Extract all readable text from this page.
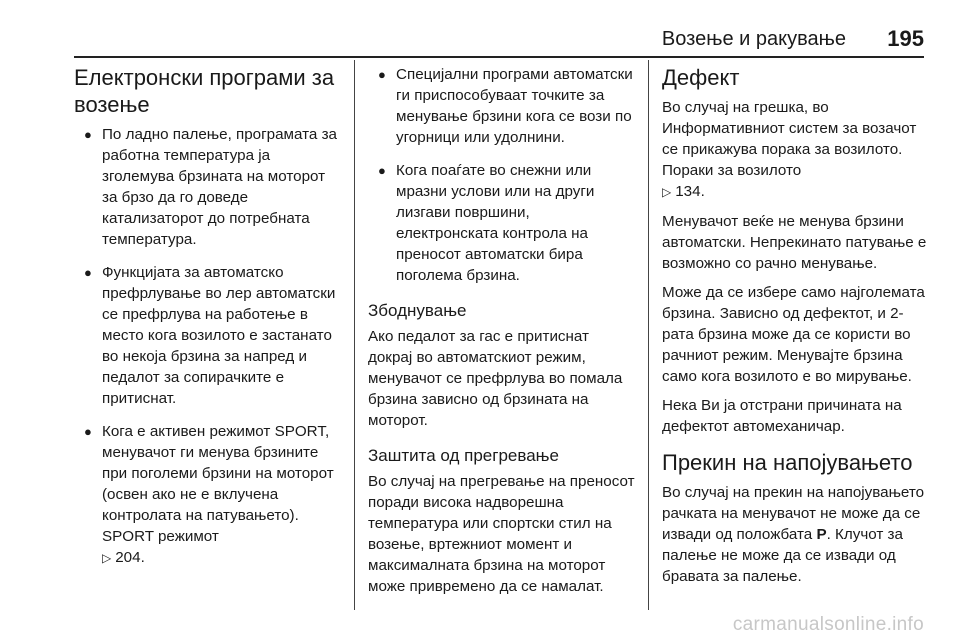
Возење и ракување 195
Електронски програми за возење
● По ладно палење, програмата за работна температура ја зголемува брзината на моторот за брзо да го доведе катализаторот до потребната температура.
● Функцијата за автоматско префрлување во лер автоматски се префрлува на работење в место кога возилото е застанато во некоја брзина за напред и педалот за сопирачките е притиснат.
● Кога е активен режимот SPORT, менувачот ги менува брзините при поголеми брзини на моторот (освен ако не е вклучена контролата на патувањето). SPORT режимот
▷ 204.
● Специјални програми автоматски ги приспособуваат точките за менување брзини кога се вози по угорници или удолнини.
● Кога поаѓате во снежни или мразни услови или на други лизгави површини, електронската контрола на преносот автоматски бира поголема брзина.
Збоднување

Ако педалот за гас е притиснат докрај во автоматскиот режим, менувачот се префрлува во помала брзина зависно од брзината на моторот.

Заштита од прегревање

Во случај на прегревање на преносот поради висока надворешна температура или спортски стил на возење, вртежниот момент и максималната брзина на моторот може привремено да се намалат.

Дефект

Во случај на грешка, во Информативниот систем за возачот се прикажува порака за возилото. Пораки за возилото
▷ 134.

Менувачот веќе не менува брзини автоматски. Непрекинато патување е возможно со рачно менување.

Може да се избере само најголемата брзина. Зависно од дефектот, и 2-рата брзина може да се користи во рачниот режим. Менувајте брзина само кога возилото е во мирување.

Нека Ви ја отстрани причината на дефектот автомеханичар.

Прекин на напојувањето

Во случај на прекин на напојувањето рачката на менувачот не може да се извади од положбата P. Клучот за палење не може да се извади од бравата за палење.

carmanualsonline.info
